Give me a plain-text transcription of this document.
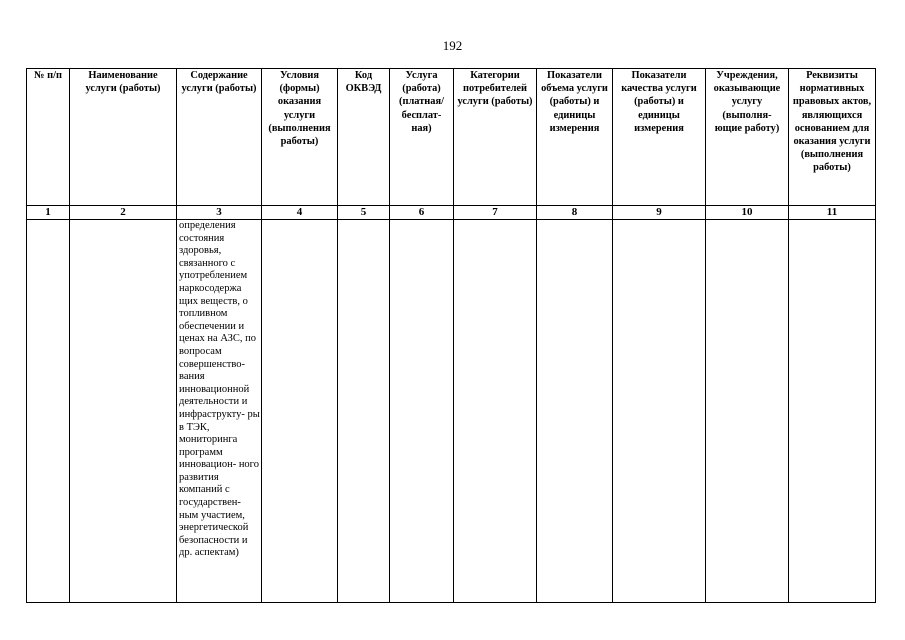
192
№ п/п	Наименование услуги (работы)	Содержание услуги (работы)	Условия (формы) оказания услуги (выполнения работы)	Код ОКВЭД	Услуга (работа) (платная/ бесплат- ная)	Категории потребителей услуги (работы)	Показатели объема услуги (работы) и единицы измерения	Показатели качества услуги (работы) и единицы измерения	Учреждения, оказывающие услугу (выполня- ющие работу)	Реквизиты нормативных правовых актов, являющихся основанием для оказания услуги (выполнения работы)
1	2	3	4	5	6	7	8	9	10	11
		определения состояния здоровья, связанного с употреблением наркосодержа щих веществ, о топливном обеспечении и ценах на АЗС, по вопросам совершенство- вания инновационной деятельности и инфраструкту- ры в ТЭК, мониторинга программ инновацион- ного развития компаний с государствен- ным участием, энергетической безопасности и др. аспектам)								
